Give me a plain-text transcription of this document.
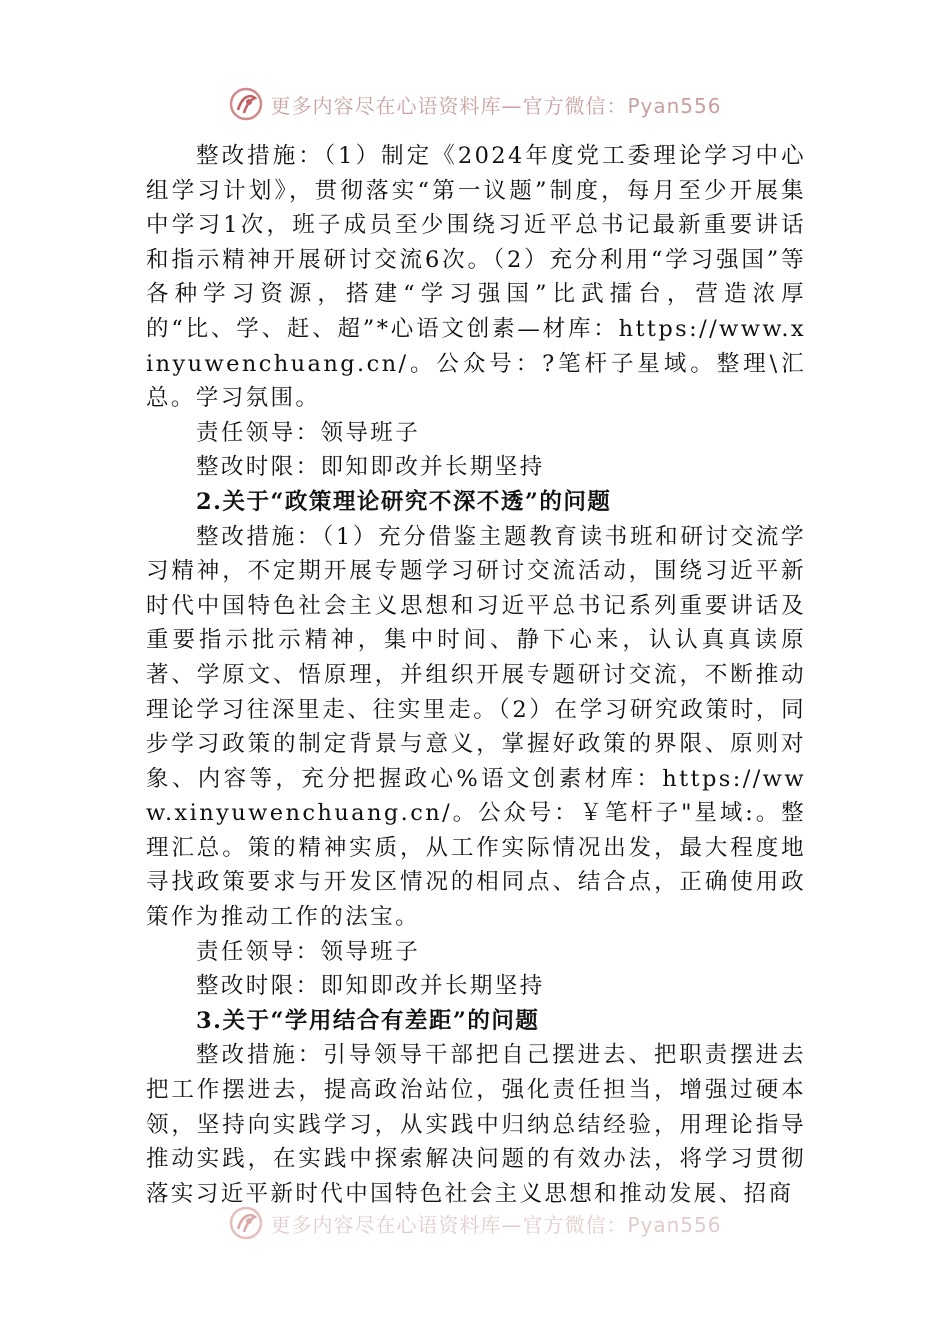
更多内容尽在心语资料库—官方微信：Pyan556

整改措施：（1）制定《2024年度党工委理论学习中心组学习计划》，贯彻落实“第一议题”制度，每月至少开展集中学习1次，班子成员至少围绕习近平总书记最新重要讲话和指示精神开展研讨交流6次。（2）充分利用“学习强国”等各种学习资源，搭建“学习强国”比武擂台，营造浓厚的“比、学、赶、超”*心语文创素—材库：https://www.xinyuwenchuang.cn/。公众号：?笔杆子星域。整理\汇总。学习氛围。

责任领导：领导班子

整改时限：即知即改并长期坚持

2.关于“政策理论研究不深不透”的问题

整改措施：（1）充分借鉴主题教育读书班和研讨交流学习精神，不定期开展专题学习研讨交流活动，围绕习近平新时代中国特色社会主义思想和习近平总书记系列重要讲话及重要指示批示精神，集中时间、静下心来，认认真真读原著、学原文、悟原理，并组织开展专题研讨交流，不断推动理论学习往深里走、往实里走。（2）在学习研究政策时，同步学习政策的制定背景与意义，掌握好政策的界限、原则对象、内容等，充分把握政心%语文创素材库：https://www.xinyuwenchuang.cn/。公众号：￥笔杆子"星域:。整理汇总。策的精神实质，从工作实际情况出发，最大程度地寻找政策要求与开发区情况的相同点、结合点，正确使用政策作为推动工作的法宝。

责任领导：领导班子

整改时限：即知即改并长期坚持

3.关于“学用结合有差距”的问题

整改措施：引导领导干部把自己摆进去、把职责摆进去把工作摆进去，提高政治站位，强化责任担当，增强过硬本领，坚持向实践学习，从实践中归纳总结经验，用理论指导推动实践，在实践中探索解决问题的有效办法，将学习贯彻落实习近平新时代中国特色社会主义思想和推动发展、招商

更多内容尽在心语资料库—官方微信：Pyan556
